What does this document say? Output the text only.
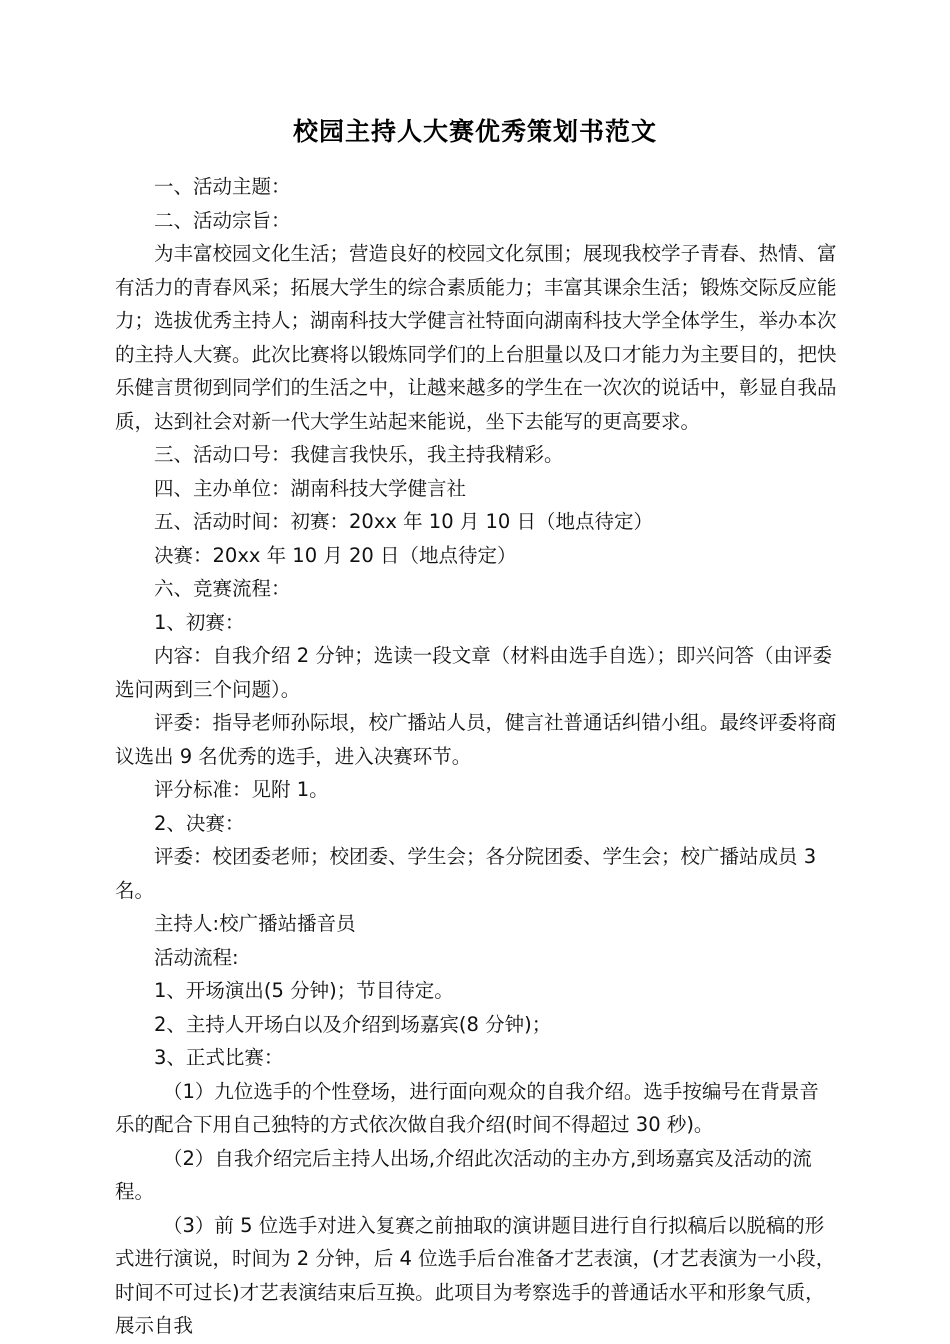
校园主持人大赛优秀策划书范文

一、活动主题：

二、活动宗旨：

为丰富校园文化生活；营造良好的校园文化氛围；展现我校学子青春、热情、富有活力的青春风采；拓展大学生的综合素质能力；丰富其课余生活；锻炼交际反应能力；选拔优秀主持人；湖南科技大学健言社特面向湖南科技大学全体学生，举办本次的主持人大赛。此次比赛将以锻炼同学们的上台胆量以及口才能力为主要目的，把快乐健言贯彻到同学们的生活之中，让越来越多的学生在一次次的说话中，彰显自我品质，达到社会对新一代大学生站起来能说，坐下去能写的更高要求。

三、活动口号：我健言我快乐，我主持我精彩。

四、主办单位：湖南科技大学健言社

五、活动时间：初赛：20xx 年 10 月 10 日（地点待定）

决赛：20xx 年 10 月 20 日（地点待定）

六、竞赛流程：

1、初赛：

内容：自我介绍 2 分钟；选读一段文章（材料由选手自选）；即兴问答（由评委选问两到三个问题）。

评委：指导老师孙际垠，校广播站人员，健言社普通话纠错小组。最终评委将商议选出 9 名优秀的选手，进入决赛环节。

评分标准：见附 1。

2、决赛：

评委：校团委老师；校团委、学生会；各分院团委、学生会；校广播站成员 3 名。

主持人:校广播站播音员

活动流程:

1、开场演出(5 分钟)；节目待定。

2、主持人开场白以及介绍到场嘉宾(8 分钟)；

3、正式比赛：

（1）九位选手的个性登场，进行面向观众的自我介绍。选手按编号在背景音乐的配合下用自己独特的方式依次做自我介绍(时间不得超过 30 秒)。

（2）自我介绍完后主持人出场,介绍此次活动的主办方,到场嘉宾及活动的流程。

（3）前 5 位选手对进入复赛之前抽取的演讲题目进行自行拟稿后以脱稿的形式进行演说，时间为 2 分钟，后 4 位选手后台准备才艺表演，(才艺表演为一小段，时间不可过长)才艺表演结束后互换。此项目为考察选手的普通话水平和形象气质，展示自我
